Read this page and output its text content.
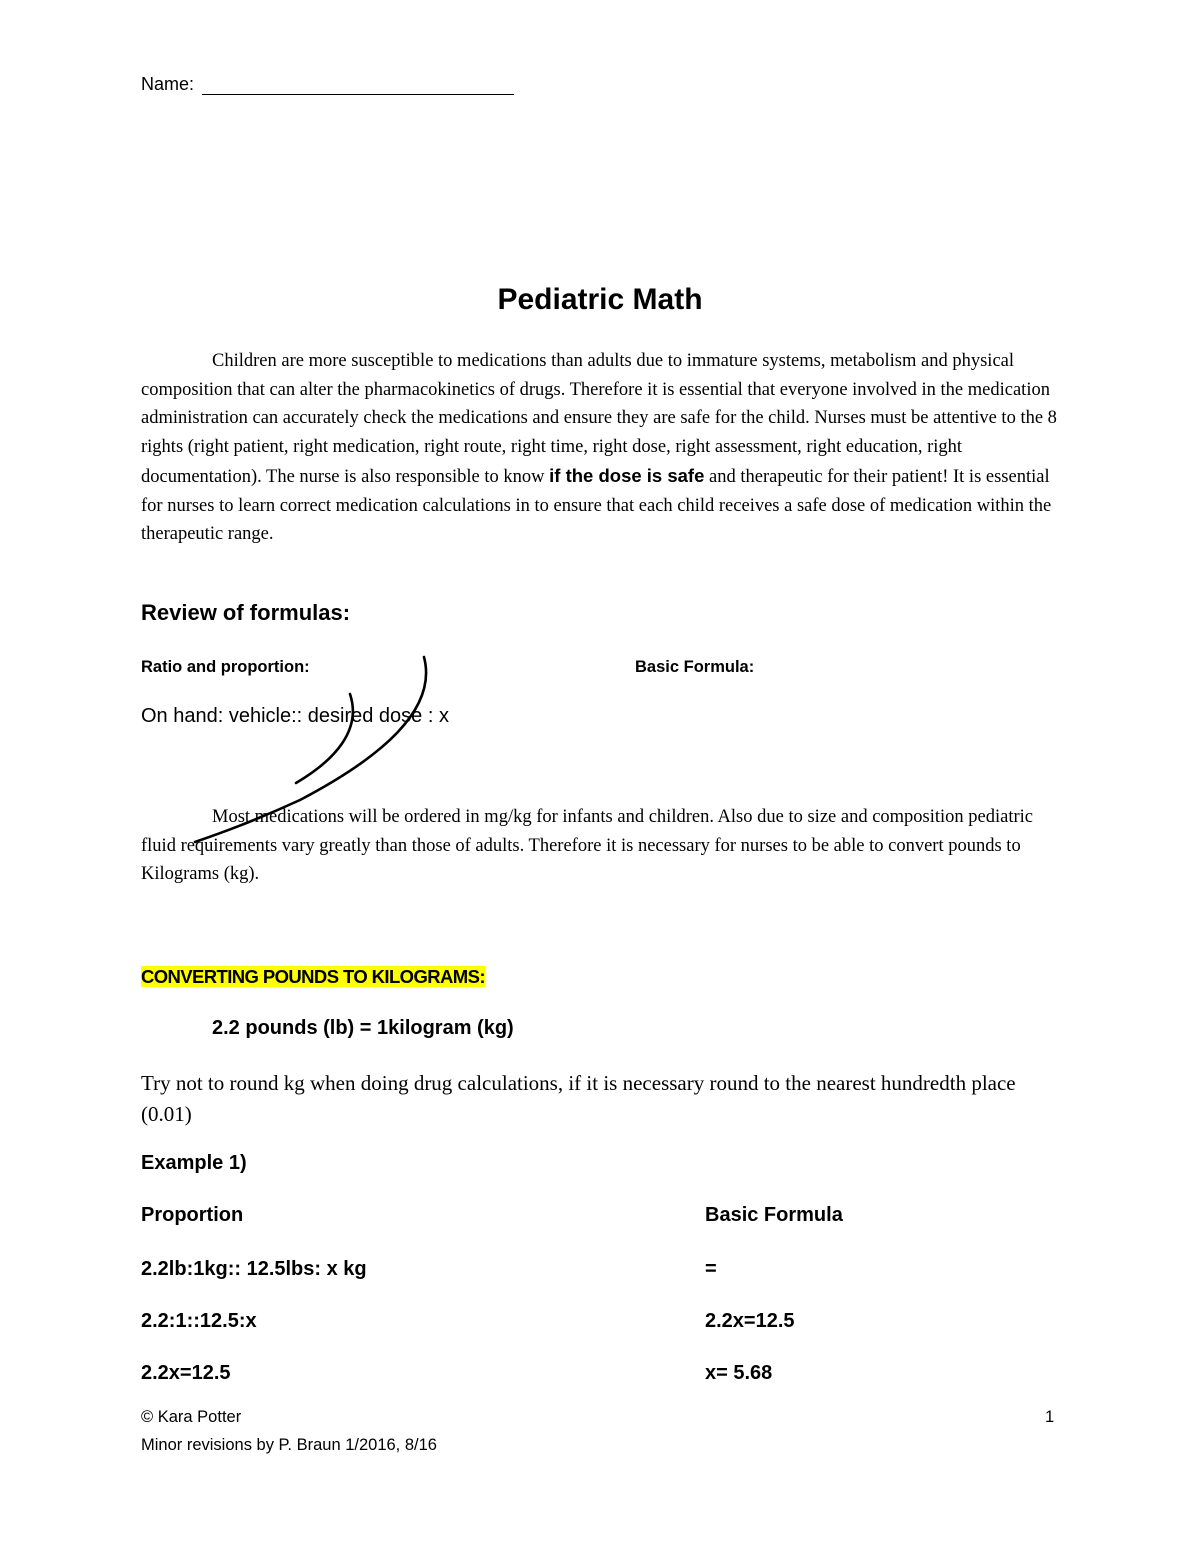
Name:
Pediatric Math

Children are more susceptible to medications than adults due to immature systems, metabolism and physical composition that can alter the pharmacokinetics of drugs. Therefore it is essential that everyone involved in the medication administration can accurately check the medications and ensure they are safe for the child. Nurses must be attentive to the 8 rights (right patient, right medication, right route, right time, right dose, right assessment, right education, right documentation). The nurse is also responsible to know if the dose is safe and therapeutic for their patient! It is essential for nurses to learn correct medication calculations in to ensure that each child receives a safe dose of medication within the therapeutic range.

Review of formulas:
Ratio and proportion:	Basic Formula:
On hand: vehicle:: desired dose : x

Most medications will be ordered in mg/kg for infants and children. Also due to size and composition pediatric fluid requirements vary greatly than those of adults. Therefore it is necessary for nurses to be able to convert pounds to Kilograms (kg).

CONVERTING POUNDS TO KILOGRAMS:
2.2 pounds (lb) = 1kilogram (kg)
Try not to round kg when doing drug calculations, if it is necessary round to the nearest hundredth place (0.01)
Example 1)
Proportion	Basic Formula
2.2lb:1kg:: 12.5lbs: x kg	=
2.2:1::12.5:x	2.2x=12.5
2.2x=12.5	x= 5.68
© Kara Potter
Minor revisions by P. Braun 1/2016, 8/16
1
